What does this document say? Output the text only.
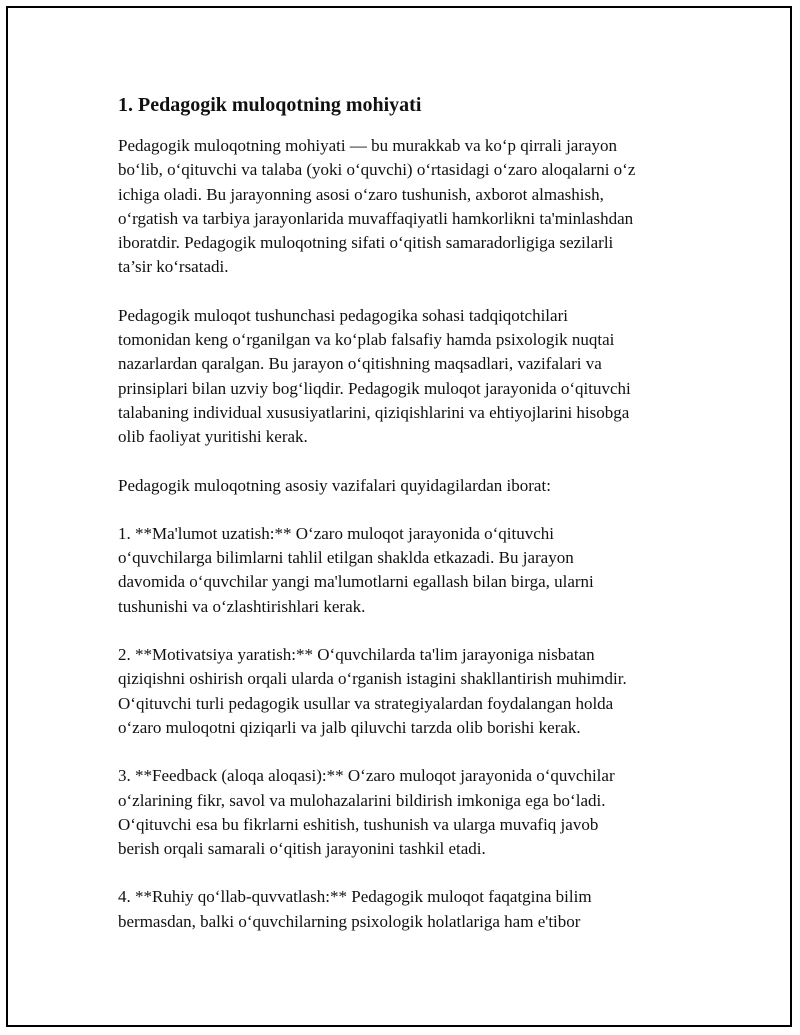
1. Pedagogik muloqotning mohiyati

Pedagogik muloqotning mohiyati — bu murakkab va koʻp qirrali jarayon
boʻlib, oʻqituvchi va talaba (yoki oʻquvchi) oʻrtasidagi oʻzaro aloqalarni oʻz
ichiga oladi. Bu jarayonning asosi oʻzaro tushunish, axborot almashish,
oʻrgatish va tarbiya jarayonlarida muvaffaqiyatli hamkorlikni ta'minlashdan
iboratdir. Pedagogik muloqotning sifati oʻqitish samaradorligiga sezilarli
ta’sir koʻrsatadi.

Pedagogik muloqot tushunchasi pedagogika sohasi tadqiqotchilari
tomonidan keng oʻrganilgan va koʻplab falsafiy hamda psixologik nuqtai
nazarlardan qaralgan. Bu jarayon oʻqitishning maqsadlari, vazifalari va
prinsiplari bilan uzviy bogʻliqdir. Pedagogik muloqot jarayonida oʻqituvchi
talabaning individual xususiyatlarini, qiziqishlarini va ehtiyojlarini hisobga
olib faoliyat yuritishi kerak.

Pedagogik muloqotning asosiy vazifalari quyidagilardan iborat:

1. **Ma'lumot uzatish:** Oʻzaro muloqot jarayonida oʻqituvchi
oʻquvchilarga bilimlarni tahlil etilgan shaklda etkazadi. Bu jarayon
davomida oʻquvchilar yangi ma'lumotlarni egallash bilan birga, ularni
tushunishi va oʻzlashtirishlari kerak.

2. **Motivatsiya yaratish:** Oʻquvchilarda ta'lim jarayoniga nisbatan
qiziqishni oshirish orqali ularda oʻrganish istagini shakllantirish muhimdir.
Oʻqituvchi turli pedagogik usullar va strategiyalardan foydalangan holda
oʻzaro muloqotni qiziqarli va jalb qiluvchi tarzda olib borishi kerak.

3. **Feedback (aloqa aloqasi):** Oʻzaro muloqot jarayonida oʻquvchilar
oʻzlarining fikr, savol va mulohazalarini bildirish imkoniga ega boʻladi.
Oʻqituvchi esa bu fikrlarni eshitish, tushunish va ularga muvafiq javob
berish orqali samarali oʻqitish jarayonini tashkil etadi.

4. **Ruhiy qoʻllab-quvvatlash:** Pedagogik muloqot faqatgina bilim
bermasdan, balki oʻquvchilarning psixologik holatlariga ham e'tibor
